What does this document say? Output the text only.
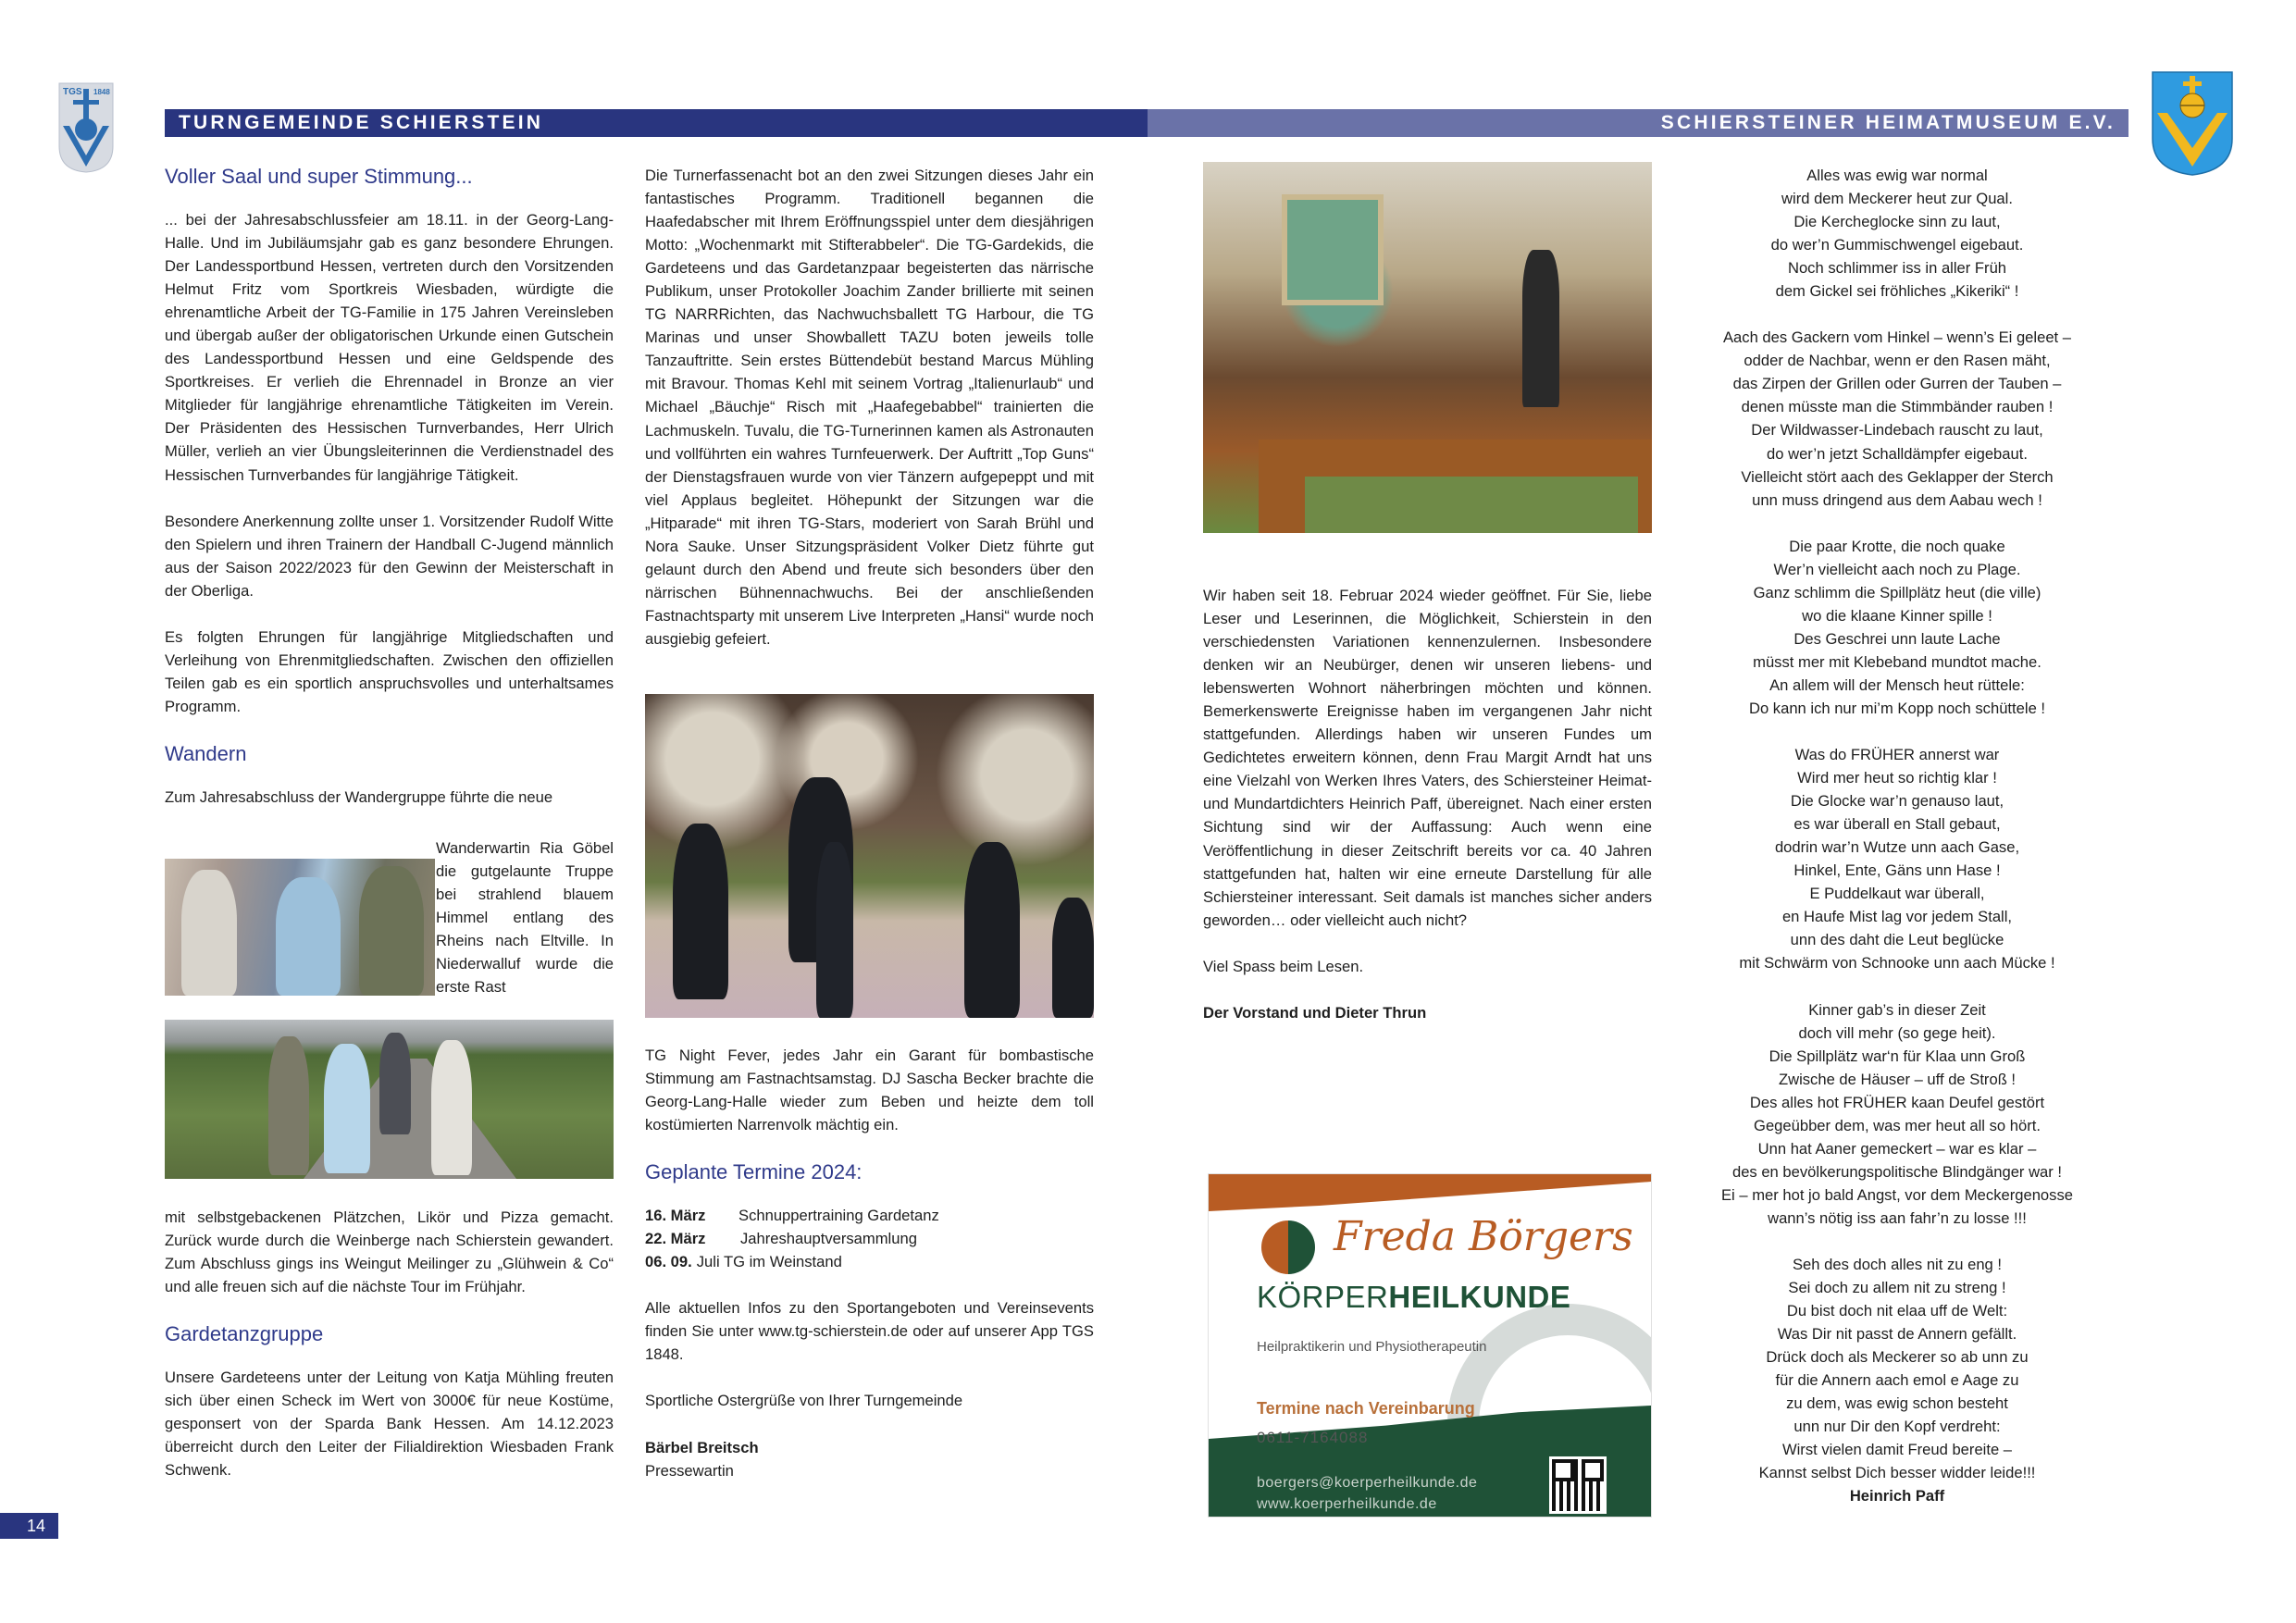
TGS 1848
TURNGEMEINDE SCHIERSTEIN	SCHIERSTEINER HEIMATMUSEUM E.V.
Voller Saal und super Stimmung...

... bei der Jahresabschlussfeier am 18.11. in der Georg-Lang-Halle. Und im Jubiläumsjahr gab es ganz besondere Ehrungen. Der Landessportbund Hessen, vertreten durch den Vorsitzenden Helmut Fritz vom Sportkreis Wiesbaden, würdigte die ehrenamtliche Arbeit der TG-Familie in 175 Jahren Vereinsleben und übergab außer der obligatorischen Urkunde einen Gutschein des Landessportbund Hessen und eine Geldspende des Sportkreises. Er verlieh die Ehrennadel in Bronze an vier Mitglieder für langjährige ehrenamtliche Tätigkeiten im Verein. Der Präsidenten des Hessischen Turnverbandes, Herr Ulrich Müller, verlieh an vier Übungsleiterinnen die Verdienstnadel des Hessischen Turnverbandes für langjährige Tätigkeit.

Besondere Anerkennung zollte unser 1. Vorsitzender Rudolf Witte den Spielern und ihren Trainern der Handball C-Jugend männlich aus der Saison 2022/2023 für den Gewinn der Meisterschaft in der Oberliga.

Es folgten Ehrungen für langjährige Mitgliedschaften und Verleihung von Ehrenmitgliedschaften. Zwischen den offiziellen Teilen gab es ein sportlich anspruchsvolles und unterhaltsames Programm.

Wandern

Zum Jahresabschluss der Wandergruppe führte die neue

Wanderwartin Ria Göbel die gutgelaunte Truppe bei strahlend blauem Himmel entlang des Rheins nach Eltville. In Niederwalluf wurde die erste Rast

mit selbstgebackenen Plätzchen, Likör und Pizza gemacht. Zurück wurde durch die Weinberge nach Schierstein gewandert. Zum Abschluss gings ins Weingut Meilinger zu „Glühwein & Co“ und alle freuen sich auf die nächste Tour im Frühjahr.

Gardetanzgruppe

Unsere Gardeteens unter der Leitung von Katja Mühling freuten sich über einen Scheck im Wert von 3000€ für neue Kostüme, gesponsert von der Sparda Bank Hessen. Am 14.12.2023 überreicht durch den Leiter der Filialdirektion Wiesbaden Frank Schwenk.

Die Turnerfassenacht bot an den zwei Sitzungen dieses Jahr ein fantastisches Programm. Traditionell begannen die Haafedabscher mit Ihrem Eröffnungsspiel unter dem diesjährigen Motto: „Wochenmarkt mit Stifterabbeler“. Die TG-Gardekids, die Gardeteens und das Gardetanzpaar begeisterten das närrische Publikum, unser Protokoller Joachim Zander brillierte mit seinen TG NARRRichten, das Nachwuchsballett TG Harbour, die TG Marinas und unser Showballett TAZU boten jeweils tolle Tanzauftritte. Sein erstes Büttendebüt bestand Marcus Mühling mit Bravour. Thomas Kehl mit seinem Vortrag „Italienurlaub“ und Michael „Bäuchje“ Risch mit „Haafegebabbel“ trainierten die Lachmuskeln. Tuvalu, die TG-Turnerinnen kamen als Astronauten und vollführten ein wahres Turnfeuerwerk. Der Auftritt „Top Guns“ der Dienstagsfrauen wurde von vier Tänzern aufgepeppt und mit viel Applaus begleitet. Höhepunkt der Sitzungen war die „Hitparade“ mit ihren TG-Stars, moderiert von Sarah Brühl und Nora Sauke. Unser Sitzungspräsident Volker Dietz führte gut gelaunt durch den Abend und freute sich besonders über den närrischen Bühnennachwuchs. Bei der anschließenden Fastnachtsparty mit unserem Live Interpreten „Hansi“ wurde noch ausgiebig gefeiert.

TG Night Fever, jedes Jahr ein Garant für bombastische Stimmung am Fastnachtsamstag. DJ Sascha Becker brachte die Georg-Lang-Halle wieder zum Beben und heizte dem toll kostümierten Narrenvolk mächtig ein.

Geplante Termine 2024:
16. März	Schnuppertraining Gardetanz
22. März	Jahreshauptversammlung
06. 09. Juli TG im Weinstand

Alle aktuellen Infos zu den Sportangeboten und Vereinsevents finden Sie unter www.tg-schierstein.de oder auf unserer App TGS 1848.

Sportliche Ostergrüße von Ihrer Turngemeinde

Bärbel Breitsch
Pressewartin

Wir haben seit 18. Februar 2024 wieder geöffnet. Für Sie, liebe Leser und Leserinnen, die Möglichkeit, Schierstein in den verschiedensten Variationen kennenzulernen. Insbesondere denken wir an Neubürger, denen wir unseren liebens- und lebenswerten Wohnort näherbringen möchten und können. Bemerkenswerte Ereignisse haben im vergangenen Jahr nicht stattgefunden. Allerdings haben wir unseren Fundes um Gedichtetes erweitern können, denn Frau Margit Arndt hat uns eine Vielzahl von Werken Ihres Vaters, des Schiersteiner Heimat- und Mundartdichters Heinrich Paff, übereignet. Nach einer ersten Sichtung sind wir der Auffassung: Auch wenn eine Veröffentlichung in dieser Zeitschrift bereits vor ca. 40 Jahren stattgefunden hat, halten wir eine erneute Darstellung für alle Schiersteiner interessant. Seit damals ist manches sicher anders geworden… oder vielleicht auch nicht?

Viel Spass beim Lesen.

Der Vorstand und Dieter Thrun
Freda Börgers
KÖRPERHEILKUNDE
Heilpraktikerin und Physiotherapeutin
Termine nach Vereinbarung
0611-7164088
boergers@koerperheilkunde.de
www.koerperheilkunde.de
Alles was ewig war normal
wird dem Meckerer heut zur Qual.
Die Kercheglocke sinn zu laut,
do wer’n Gummischwengel eigebaut.
Noch schlimmer iss in aller Früh
dem Gickel sei fröhliches „Kikeriki“ !
Aach des Gackern vom Hinkel – wenn’s Ei geleet –
odder de Nachbar, wenn er den Rasen mäht,
das Zirpen der Grillen oder Gurren der Tauben –
denen müsste man die Stimmbänder rauben !
Der Wildwasser-Lindebach rauscht zu laut,
do wer’n jetzt Schalldämpfer eigebaut.
Vielleicht stört aach des Geklapper der Sterch
unn muss dringend aus dem Aabau wech !
Die paar Krotte, die noch quake
Wer’n vielleicht aach noch zu Plage.
Ganz schlimm die Spillplätz heut (die ville)
wo die klaane Kinner spille !
Des Geschrei unn laute Lache
müsst mer mit Klebeband mundtot mache.
An allem will der Mensch heut rüttele:
Do kann ich nur mi’m Kopp noch schüttele !
Was do FRÜHER annerst war
Wird mer heut so richtig klar !
Die Glocke war’n genauso laut,
es war überall en Stall gebaut,
dodrin war’n Wutze unn aach Gase,
Hinkel, Ente, Gäns unn Hase !
E Puddelkaut war überall,
en Haufe Mist lag vor jedem Stall,
unn des daht die Leut beglücke
mit Schwärm von Schnooke unn aach Mücke !
Kinner gab’s in dieser Zeit
doch vill mehr (so gege heit).
Die Spillplätz war‘n für Klaa unn Groß
Zwische de Häuser – uff de Stroß !
Des alles hot FRÜHER kaan Deufel gestört
Gegeübber dem, was mer heut all so hört.
Unn hat Aaner gemeckert – war es klar –
des en bevölkerungspolitische Blindgänger war !
Ei – mer hot jo bald Angst, vor dem Meckergenosse
wann’s nötig iss aan fahr’n zu losse !!!
Seh des doch alles nit zu eng !
Sei doch zu allem nit zu streng !
Du bist doch nit elaa uff de Welt:
Was Dir nit passt de Annern gefällt.
Drück doch als Meckerer so ab unn zu
für die Annern aach emol e Aage zu
zu dem, was ewig schon besteht
unn nur Dir den Kopf verdreht:
Wirst vielen damit Freud bereite –
Kannst selbst Dich besser widder leide!!!
Heinrich Paff
14
